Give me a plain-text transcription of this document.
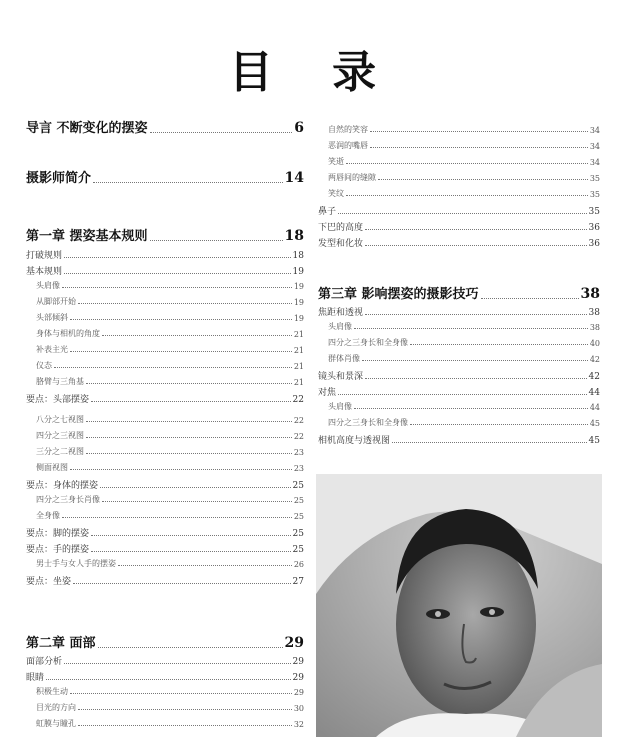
目 录
导言 不断变化的摆姿	6
摄影师简介	14
第一章 摆姿基本规则	18
打破规则	18
基本规则	19
头肩像	19
从脚部开始	19
头部倾斜	19
身体与相机的角度	21
补表主光	21
仪态	21
胳臂与三角基	21
要点：头部摆姿	22
八分之七视图	22
四分之三视图	22
三分之二视图	23
侧面视图	23
要点：身体的摆姿	25
四分之三身长肖像	25
全身像	25
要点：脚的摆姿	25
要点：手的摆姿	25
男士手与女人手的摆姿	26
要点：坐姿	27
第二章 面部	29
面部分析	29
眼睛	29
积极生动	29
目光的方向	30
虹膜与瞳孔	32
自然的笑容	34
恶润的嘴唇	34
笑逝	34
两唇间的缝隙	35
笑纹	35
鼻子	35
下巴的高度	36
发型和化妆	36
第三章 影响摆姿的摄影技巧	38
焦距和透视	38
头肩像	38
四分之三身长和全身像	40
群体肖像	42
镜头和景深	42
对焦	44
头肩像	44
四分之三身长和全身像	45
相机高度与透视图	45
